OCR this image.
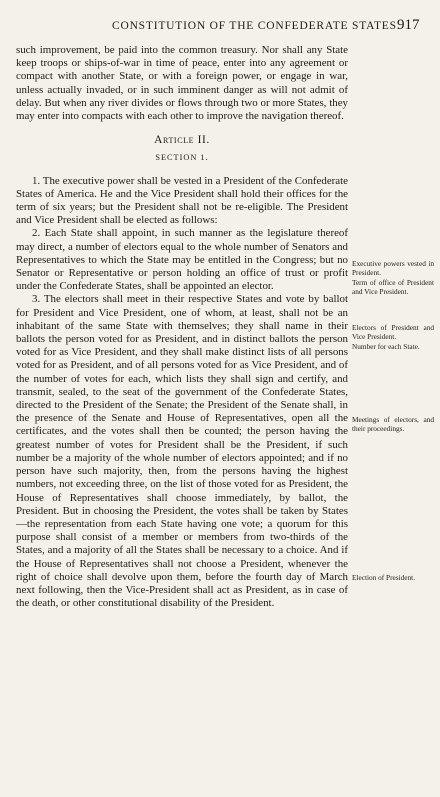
CONSTITUTION OF THE CONFEDERATE STATES.
917

such improvement, be paid into the common treasury. Nor shall any State keep troops or ships-of-war in time of peace, enter into any agreement or compact with another State, or with a foreign power, or engage in war, unless actually invaded, or in such imminent danger as will not admit of delay. But when any river divides or flows through two or more States, they may enter into compacts with each other to improve the navigation thereof.

Article II.
SECTION 1.

1. The executive power shall be vested in a President of the Confederate States of America. He and the Vice President shall hold their offices for the term of six years; but the President shall not be re-eligible. The President and Vice President shall be elected as follows:

2. Each State shall appoint, in such manner as the legislature thereof may direct, a number of electors equal to the whole number of Senators and Representatives to which the State may be entitled in the Congress; but no Senator or Representative or person holding an office of trust or profit under the Confederate States, shall be appointed an elector.

3. The electors shall meet in their respective States and vote by ballot for President and Vice President, one of whom, at least, shall not be an inhabitant of the same State with themselves; they shall name in their ballots the person voted for as President, and in distinct ballots the person voted for as Vice President, and they shall make distinct lists of all persons voted for as President, and of all persons voted for as Vice President, and of the number of votes for each, which lists they shall sign and certify, and transmit, sealed, to the seat of the government of the Confederate States, directed to the President of the Senate; the President of the Senate shall, in the presence of the Senate and House of Representatives, open all the certificates, and the votes shall then be counted; the person having the greatest number of votes for President shall be the President, if such number be a majority of the whole number of electors appointed; and if no person have such majority, then, from the persons having the highest numbers, not exceeding three, on the list of those voted for as President, the House of Representatives shall choose immediately, by ballot, the President. But in choosing the President, the votes shall be taken by States—the representation from each State having one vote; a quorum for this purpose shall consist of a member or members from two-thirds of the States, and a majority of all the States shall be necessary to a choice. And if the House of Representatives shall not choose a President, whenever the right of choice shall devolve upon them, before the fourth day of March next following, then the Vice-President shall act as President, as in case of the death, or other constitutional disability of the President.

Executive powers vested in President.
Term of office of President and Vice President.
Electors of President and Vice President.
Number for each State.
Meetings of electors, and their proceedings.
Election of President.
